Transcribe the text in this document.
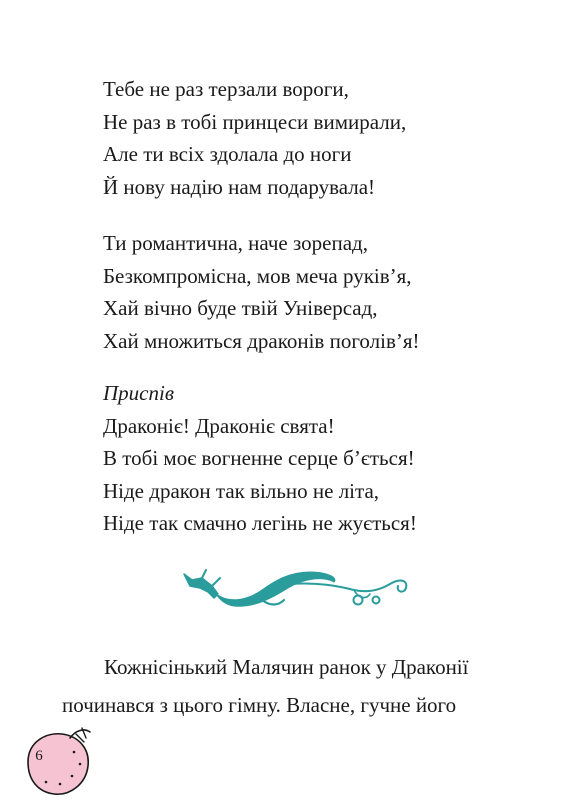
Тебе не раз терзали вороги,
Не раз в тобі принцеси вимирали,
Але ти всіх здолала до ноги
Й нову надію нам подарувала!
Ти романтична, наче зорепад,
Безкомпромісна, мов меча руків’я,
Хай вічно буде твій Універсад,
Хай множиться драконів поголів’я!
Приспів
Драконіє! Драконіє свята!
В тобі моє вогненне серце б’ється!
Ніде дракон так вільно не літа,
Ніде так смачно легінь не жується!
Кожнісінький Малячин ранок у Драконії
починався з цього гімну. Власне, гучне його
6
